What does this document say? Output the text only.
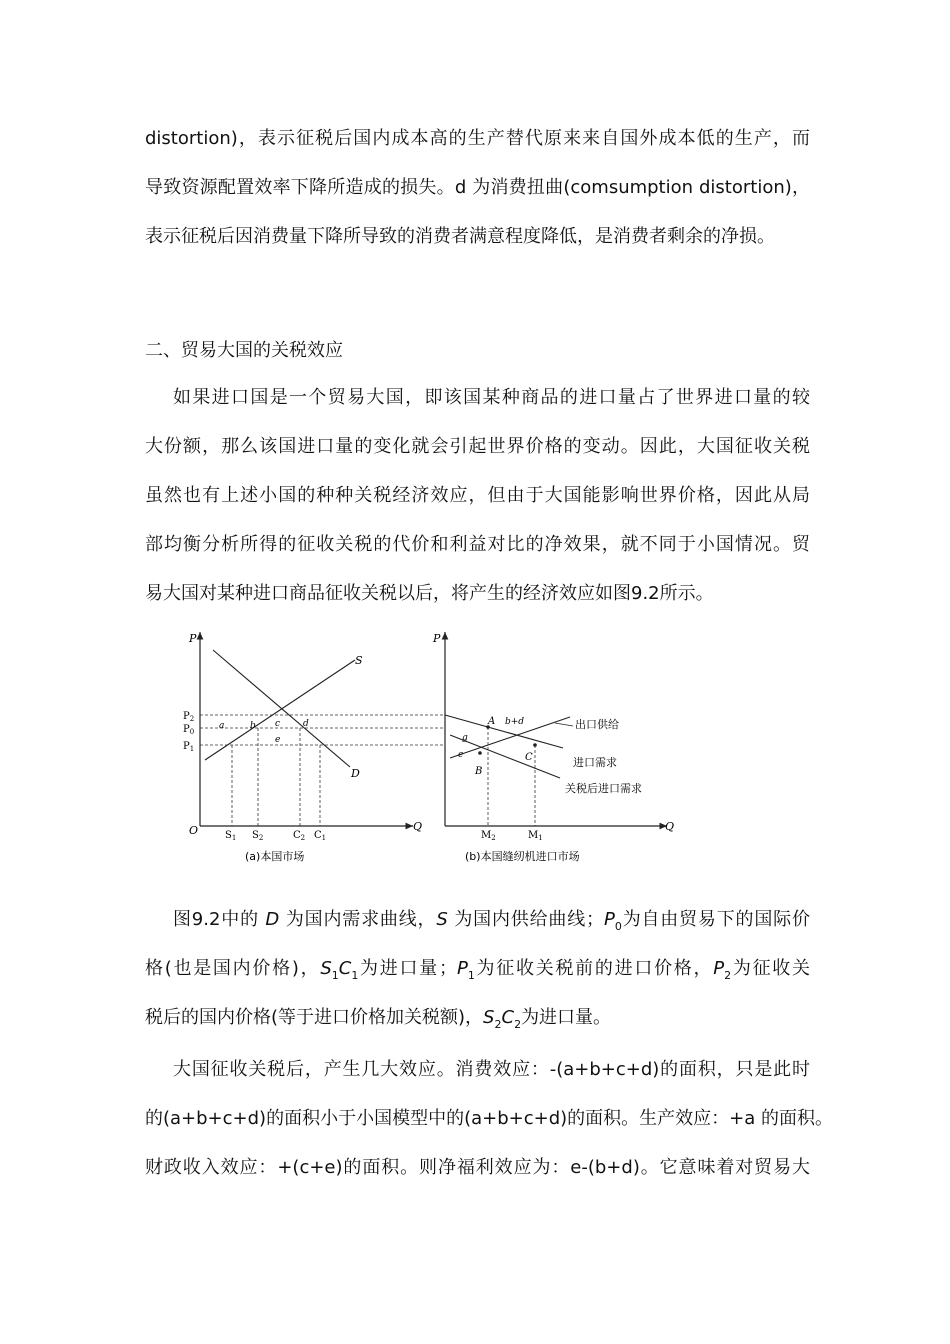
distortion)，表示征税后国内成本高的生产替代原来来自国外成本低的生产，而
导致资源配置效率下降所造成的损失。d 为消费扭曲(comsumption distortion)，
表示征税后因消费量下降所导致的消费者满意程度降低，是消费者剩余的净损。
二、贸易大国的关税效应
如果进口国是一个贸易大国，即该国某种商品的进口量占了世界进口量的较
大份额，那么该国进口量的变化就会引起世界价格的变动。因此，大国征收关税
虽然也有上述小国的种种关税经济效应，但由于大国能影响世界价格，因此从局
部均衡分析所得的征收关税的代价和利益对比的净效果，就不同于小国情况。贸
易大国对某种进口商品征收关税以后，将产生的经济效应如图9.2所示。
P
Q
O
S
D
$P_2$
$P_0$
$P_1$
a	b c	d
e
$S_1$ $S_2$	$C_2$ $C_1$
(a)本国市场
P
Q
A
B
C
b+d
g
e
出口供给
进口需求
关税后进口需求
$M_2$	$M_1$
(b)本国缝纫机进口市场
图9.2中的 D 为国内需求曲线，S 为国内供给曲线；$P_0$为自由贸易下的国际价
格(也是国内价格)，$S_1C_1$为进口量；$P_1$为征收关税前的进口价格，$P_2$为征收关
税后的国内价格(等于进口价格加关税额)，$S_2C_2$为进口量。
大国征收关税后，产生几大效应。消费效应：-(a+b+c+d)的面积，只是此时
的(a+b+c+d)的面积小于小国模型中的(a+b+c+d)的面积。生产效应：+a 的面积。
财政收入效应：+(c+e)的面积。则净福利效应为：e-(b+d)。它意味着对贸易大
